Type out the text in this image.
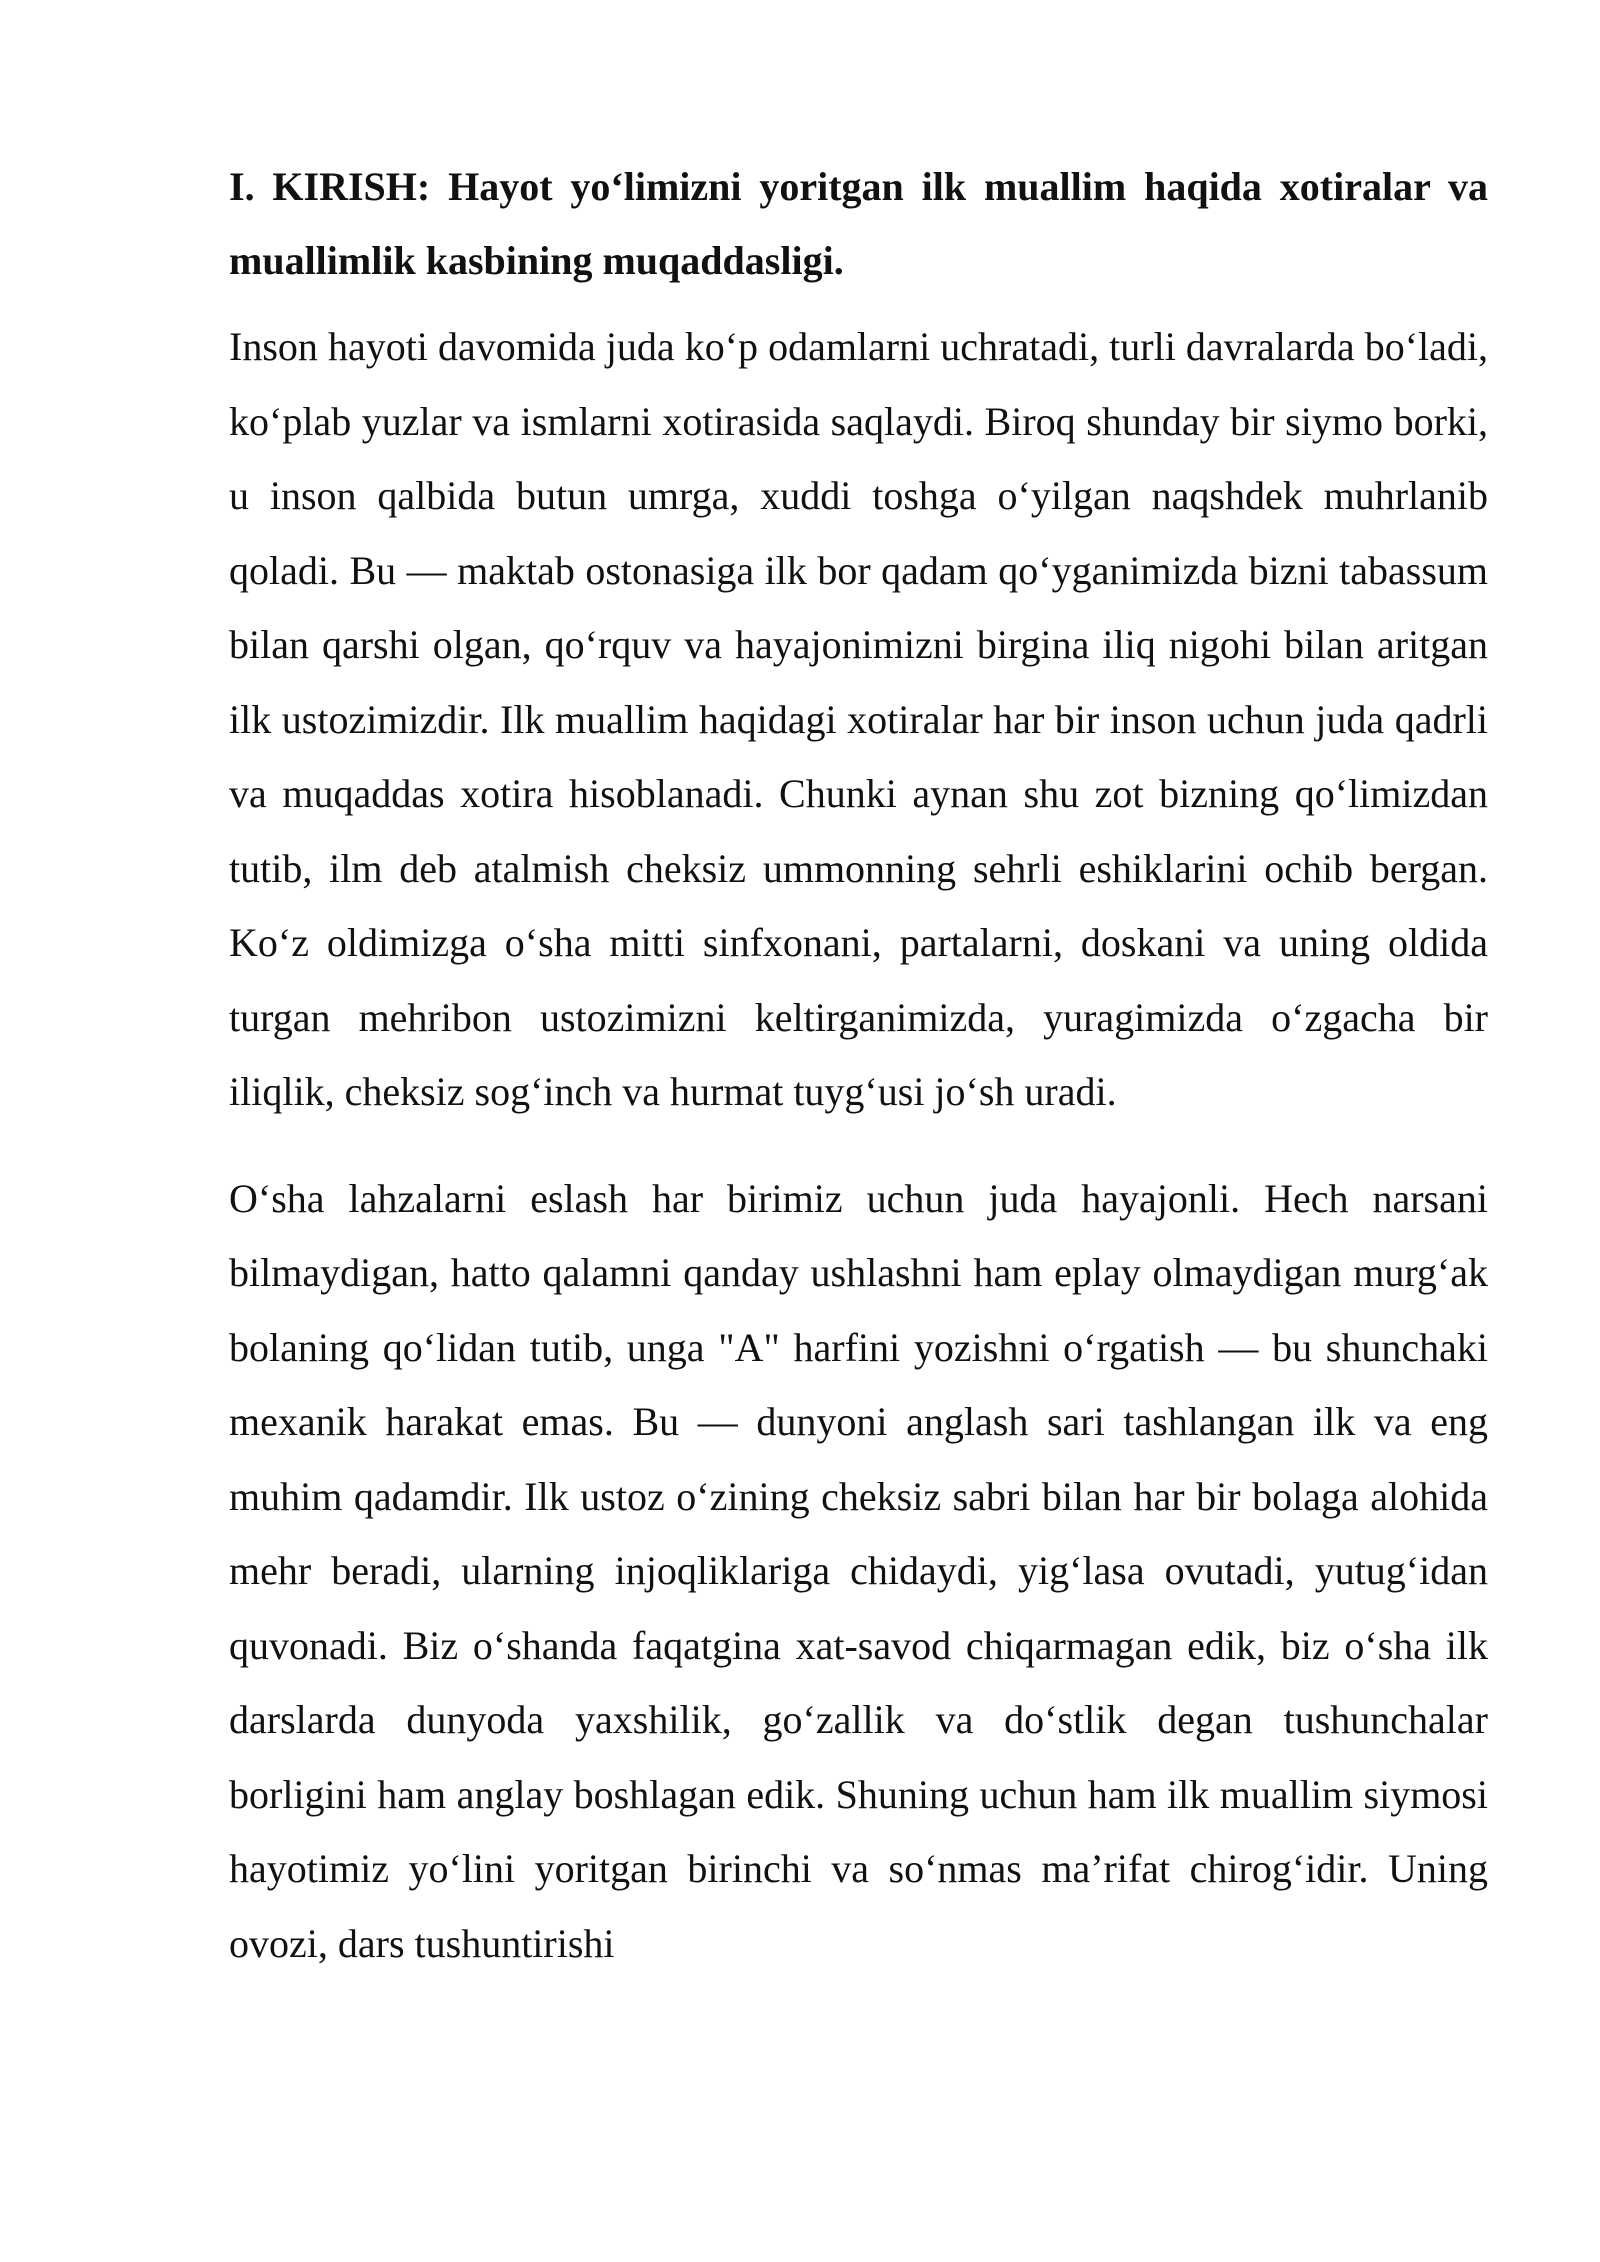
I. KIRISH: Hayot yo‘limizni yoritgan ilk muallim haqida xotiralar va muallimlik kasbining muqaddasligi.

Inson hayoti davomida juda ko‘p odamlarni uchratadi, turli davralarda bo‘ladi, ko‘plab yuzlar va ismlarni xotirasida saqlaydi. Biroq shunday bir siymo borki, u inson qalbida butun umrga, xuddi toshga o‘yilgan naqshdek muhrlanib qoladi. Bu — maktab ostonasiga ilk bor qadam qo‘yganimizda bizni tabassum bilan qarshi olgan, qo‘rquv va hayajonimizni birgina iliq nigohi bilan aritgan ilk ustozimizdir. Ilk muallim haqidagi xotiralar har bir inson uchun juda qadrli va muqaddas xotira hisoblanadi. Chunki aynan shu zot bizning qo‘limizdan tutib, ilm deb atalmish cheksiz ummonning sehrli eshiklarini ochib bergan. Ko‘z oldimizga o‘sha mitti sinfxonani, partalarni, doskani va uning oldida turgan mehribon ustozimizni keltirganimizda, yuragimizda o‘zgacha bir iliqlik, cheksiz sog‘inch va hurmat tuyg‘usi jo‘sh uradi.

O‘sha lahzalarni eslash har birimiz uchun juda hayajonli. Hech narsani bilmaydigan, hatto qalamni qanday ushlashni ham eplay olmaydigan murg‘ak bolaning qo‘lidan tutib, unga "A" harfini yozishni o‘rgatish — bu shunchaki mexanik harakat emas. Bu — dunyoni anglash sari tashlangan ilk va eng muhim qadamdir. Ilk ustoz o‘zining cheksiz sabri bilan har bir bolaga alohida mehr beradi, ularning injoqliklariga chidaydi, yig‘lasa ovutadi, yutug‘idan quvonadi. Biz o‘shanda faqatgina xat-savod chiqarmagan edik, biz o‘sha ilk darslarda dunyoda yaxshilik, go‘zallik va do‘stlik degan tushunchalar borligini ham anglay boshlagan edik. Shuning uchun ham ilk muallim siymosi hayotimiz yo‘lini yoritgan birinchi va so‘nmas ma’rifat chirog‘idir. Uning ovozi, dars tushuntirishi
